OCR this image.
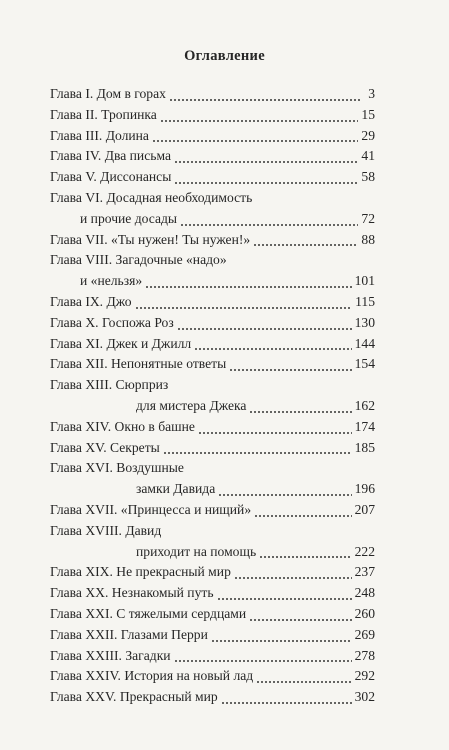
Оглавление
Глава I. Дом в горах	3
Глава II. Тропинка	15
Глава III. Долина	29
Глава IV. Два письма	41
Глава V. Диссонансы	58
Глава VI. Досадная необходимость
и прочие досады	72
Глава VII. «Ты нужен! Ты нужен!»	88
Глава VIII. Загадочные «надо»
и «нельзя»	101
Глава IX. Джо	115
Глава X. Госпожа Роз	130
Глава XI. Джек и Джилл	144
Глава XII. Непонятные ответы	154
Глава XIII. Сюрприз
для мистера Джека	162
Глава XIV. Окно в башне	174
Глава XV. Секреты	185
Глава XVI. Воздушные
замки Давида	196
Глава XVII. «Принцесса и нищий»	207
Глава XVIII. Давид
приходит на помощь	222
Глава XIX. Не прекрасный мир	237
Глава XX. Незнакомый путь	248
Глава XXI. С тяжелыми сердцами	260
Глава XXII. Глазами Перри	269
Глава XXIII. Загадки	278
Глава XXIV. История на новый лад	292
Глава XXV. Прекрасный мир	302
